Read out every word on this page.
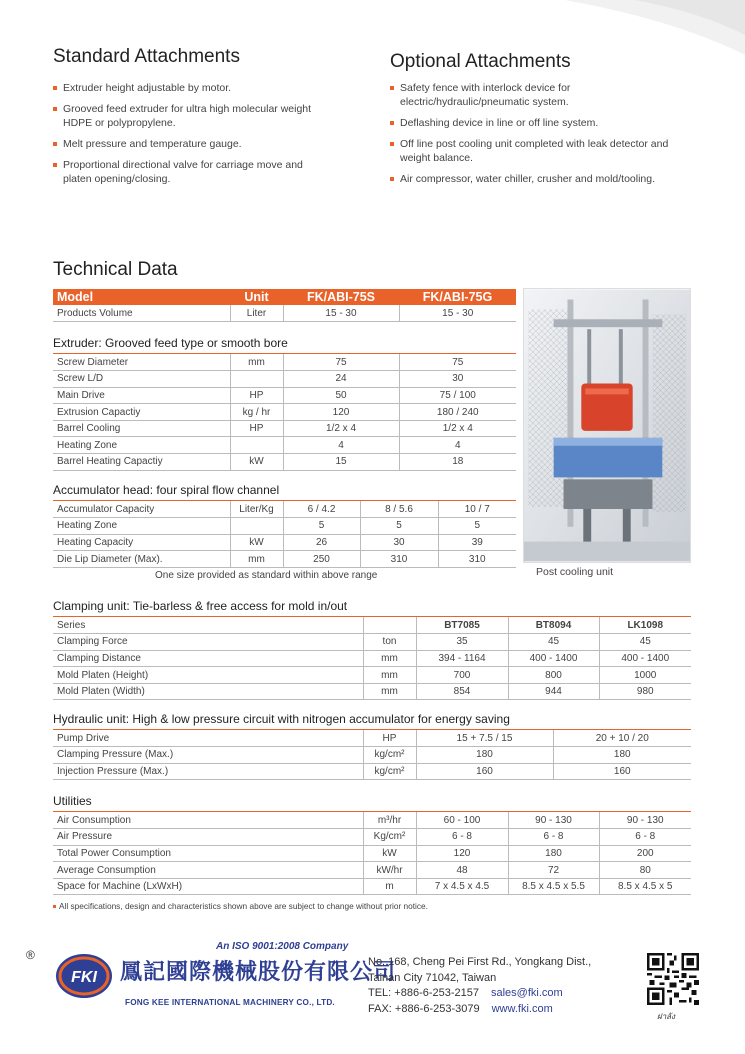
Standard Attachments
Extruder height adjustable by motor.
Grooved feed extruder for ultra high molecular weight HDPE or polypropylene.
Melt pressure and temperature gauge.
Proportional directional valve for carriage move and platen opening/closing.
Optional Attachments
Safety fence with interlock device for electric/hydraulic/pneumatic system.
Deflashing device in line or off line system.
Off line post cooling unit completed with leak detector and weight balance.
Air compressor, water chiller, crusher and mold/tooling.
Technical Data
Model	Unit	FK/ABI-75S	FK/ABI-75G
Products Volume	Liter	15 - 30	15 - 30
Extruder: Grooved feed type or smooth bore
Screw Diameter	mm	75	75
Screw L/D		24	30
Main Drive	HP	50	75 / 100
Extrusion Capactiy	kg / hr	120	180 / 240
Barrel Cooling	HP	1/2 x 4	1/2 x 4
Heating Zone		4	4
Barrel Heating Capactiy	kW	15	18
Accumulator head: four spiral flow channel
Accumulator Capacity	Liter/Kg	6 / 4.2	8 / 5.6	10 / 7
Heating Zone		5	5	5
Heating Capacity	kW	26	30	39
Die Lip Diameter (Max).	mm	250	310	310
One size provided as standard within above range	Post cooling unit
Clamping unit: Tie-barless & free access for mold in/out
Series		BT7085	BT8094	LK1098
Clamping Force	ton	35	45	45
Clamping Distance	mm	394 - 1164	400 - 1400	400 - 1400
Mold Platen (Height)	mm	700	800	1000
Mold Platen (Width)	mm	854	944	980
Hydraulic unit: High & low pressure circuit with nitrogen accumulator for energy saving
Pump Drive	HP	15 + 7.5 / 15	20 + 10 / 20
Clamping Pressure (Max.)	kg/cm²	180	180
Injection Pressure (Max.)	kg/cm²	160	160
Utilities
Air Consumption	m³/hr	60 - 100	90 - 130	90 - 130
Air Pressure	Kg/cm²	6 - 8	6 - 8	6 - 8
Total Power Consumption	kW	120	180	200
Average Consumption	kW/hr	48	72	80
Space for Machine (LxWxH)	m	7 x 4.5 x 4.5	8.5 x 4.5 x 5.5	8.5 x 4.5 x 5
All specifications, design and characteristics shown above are subject to change without prior notice.
®
FKI
An ISO 9001:2008 Company
鳳記國際機械股份有限公司
FONG KEE INTERNATIONAL MACHINERY CO., LTD.
No. 168, Cheng Pei First Rd., Yongkang Dist.,
Tainan City 71042, Taiwan
TEL: +886-6-253-2157 sales@fki.com
FAX: +886-6-253-3079 www.fki.com
ฝาลัง
